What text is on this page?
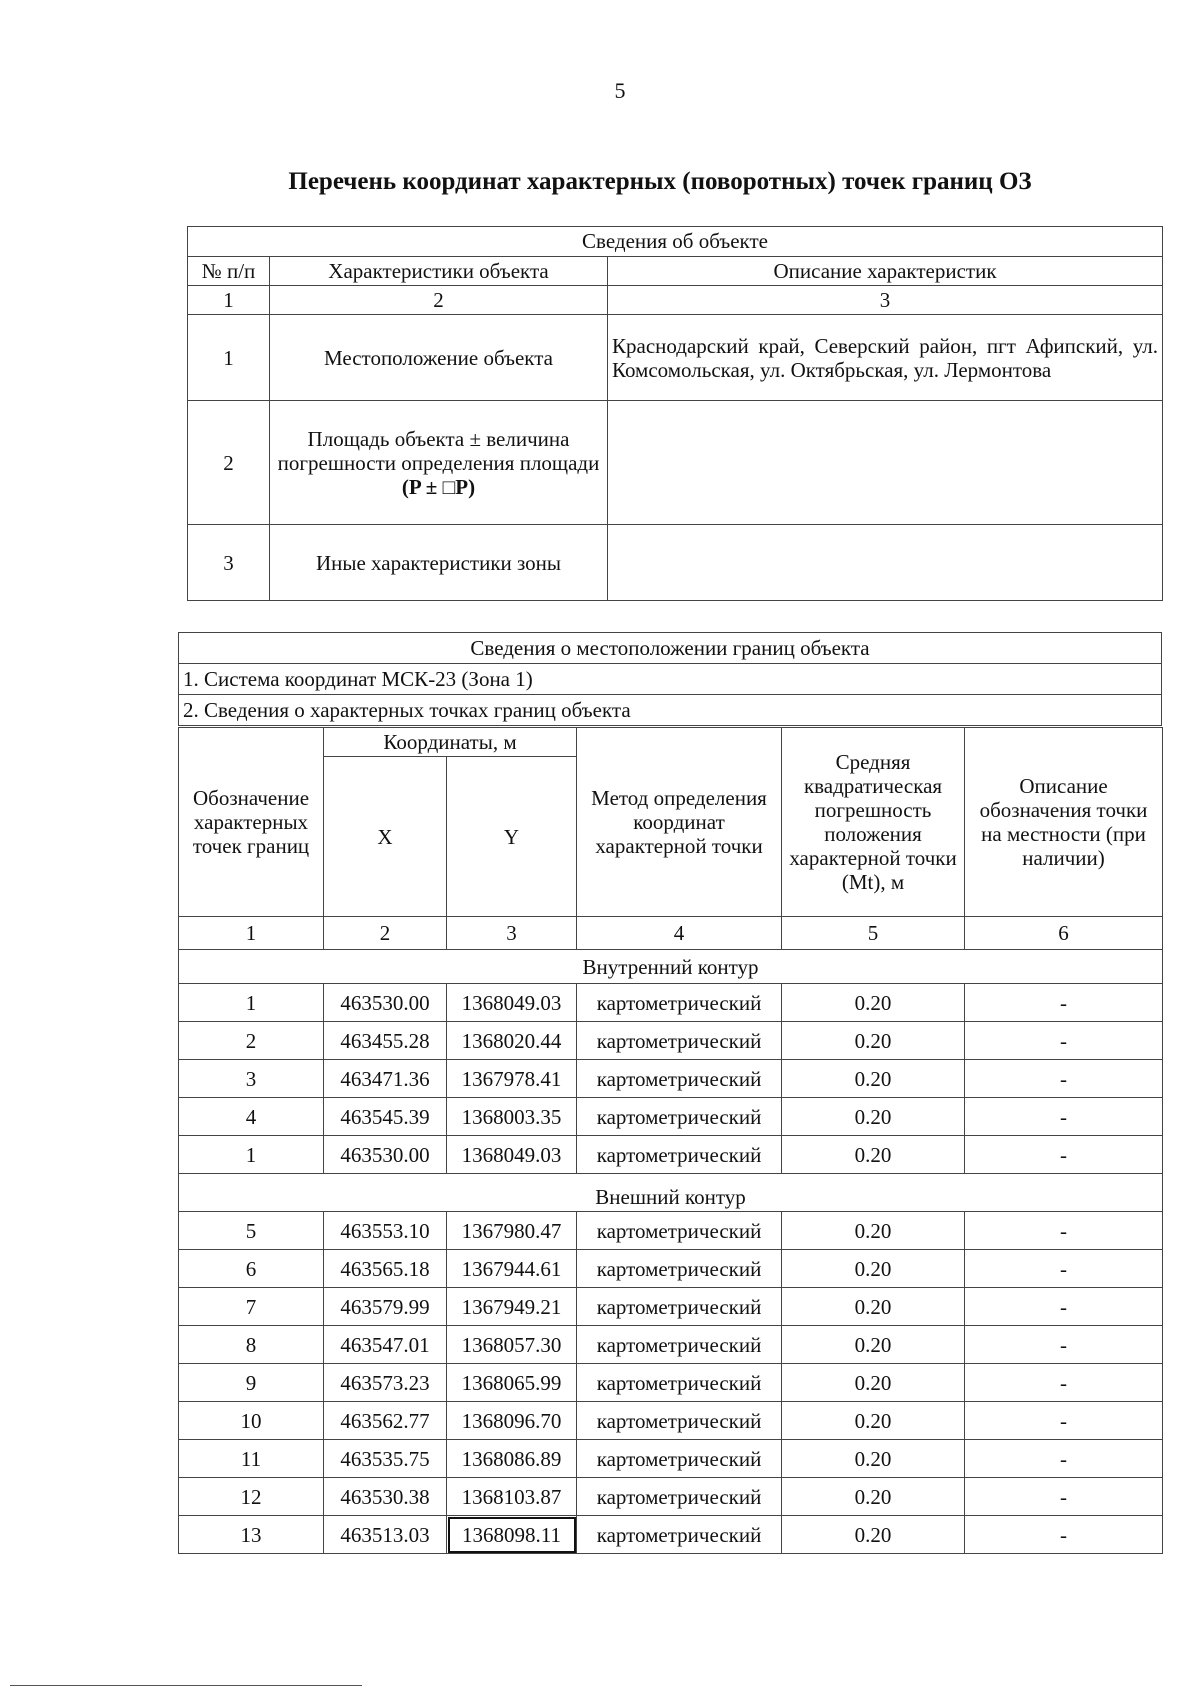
5
Перечень координат характерных (поворотных) точек границ ОЗ
Сведения об объекте		
№ п/п	Характеристики объекта	Описание характеристик
1	2	3
1	Местоположение объекта	Краснодарский край, Северский район, пгт Афипский, ул. Комсомольская, ул. Октябрьская, ул. Лермонтова
2	Площадь объекта ± величина погрешности определения площади
(P ± □P)	

3	Иные характеристики зоны	
Сведения о местоположении границ объекта
1. Система координат МСК-23 (Зона 1)
2. Сведения о характерных точках границ объекта
Обозначение характерных точек границ	Координаты, м		Метод определения координат характерной точки	Средняя квадратическая погрешность положения характерной точки (Mt), м	Описание обозначения точки на местности (при наличии)
	X	Y			
1	2	3	4	5	6
Внутренний контур					
1	463530.00	1368049.03	картометрический	0.20	-
2	463455.28	1368020.44	картометрический	0.20	-
3	463471.36	1367978.41	картометрический	0.20	-
4	463545.39	1368003.35	картометрический	0.20	-
1	463530.00	1368049.03	картометрический	0.20	-
Внешний контур					
5	463553.10	1367980.47	картометрический	0.20	-
6	463565.18	1367944.61	картометрический	0.20	-
7	463579.99	1367949.21	картометрический	0.20	-
8	463547.01	1368057.30	картометрический	0.20	-
9	463573.23	1368065.99	картометрический	0.20	-
10	463562.77	1368096.70	картометрический	0.20	-
11	463535.75	1368086.89	картометрический	0.20	-
12	463530.38	1368103.87	картометрический	0.20	-
13	463513.03	1368098.11	картометрический	0.20	-
